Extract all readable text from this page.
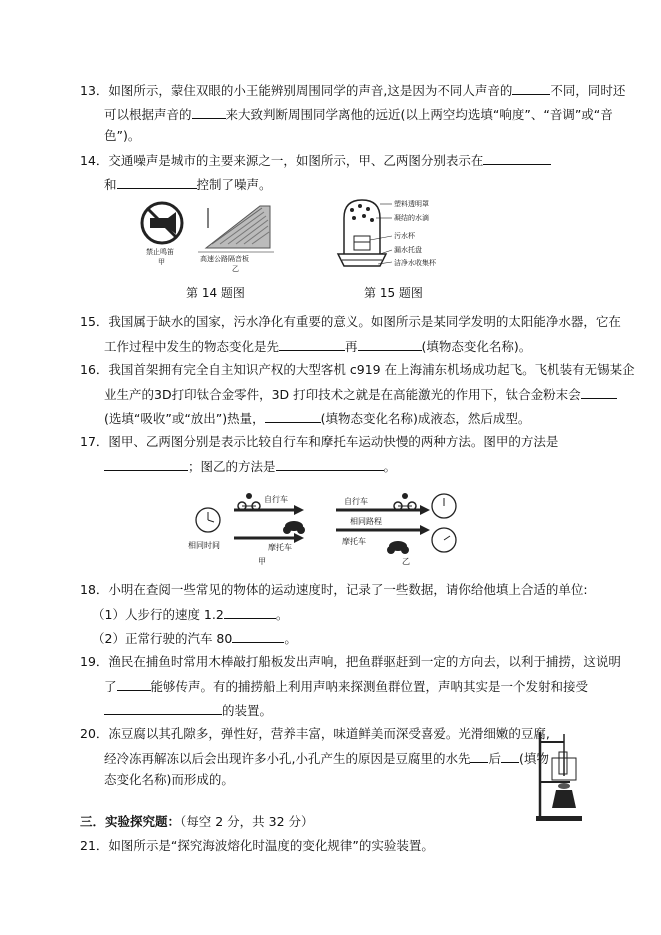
13．如图所示，蒙住双眼的小王能辨别周围同学的声音,这是因为不同人声音的	不同，同时还
可以根据声音的	来大致判断周围同学离他的远近(以上两空均选填“响度”、“音调”或“音
色”)。
14．交通噪声是城市的主要来源之一，如图所示，甲、乙两图分别表示在
和	控制了噪声。
禁止鸣笛
甲	高速公路隔音板
乙
第 14 题图
塑料透明罩
凝结的水滴
污水杯
漏水托盘
洁净水收集杯
第 15 题图
15．我国属于缺水的国家，污水净化有重要的意义。如图所示是某同学发明的太阳能净水器，它在
工作过程中发生的物态变化是先	再	(填物态变化名称)。
16．我国首架拥有完全自主知识产权的大型客机 c919 在上海浦东机场成功起飞。飞机装有无锡某企
业生产的3D打印钛合金零件，3D 打印技术之就是在高能激光的作用下，钛合金粉末会
(选填“吸收”或“放出”)热量，	(填物态变化名称)成液态，然后成型。
17．图甲、乙两图分别是表示比较自行车和摩托车运动快慢的两种方法。图甲的方法是
；图乙的方法是	。
自行车
相同时间	摩托车
甲
自行车
相同路程
摩托车
乙
18．小明在查阅一些常见的物体的运动速度时，记录了一些数据，请你给他填上合适的单位:
（1）人步行的速度 1.2	。
（2）正常行驶的汽车 80	。
19．渔民在捕鱼时常用木棒敲打船板发出声响，把鱼群驱赶到一定的方向去，以利于捕捞，这说明
了	能够传声。有的捕捞船上利用声呐来探测鱼群位置，声呐其实是一个发射和接受
的装置。
20．冻豆腐以其孔隙多，弹性好，营养丰富，味道鲜美而深受喜爱。光滑细嫩的豆腐,
经冷冻再解冻以后会出现许多小孔,小孔产生的原因是豆腐里的水先 后 (填物
态变化名称)而形成的。
三．实验探究题：（每空 2 分，共 32 分）
21．如图所示是“探究海波熔化时温度的变化规律”的实验装置。
